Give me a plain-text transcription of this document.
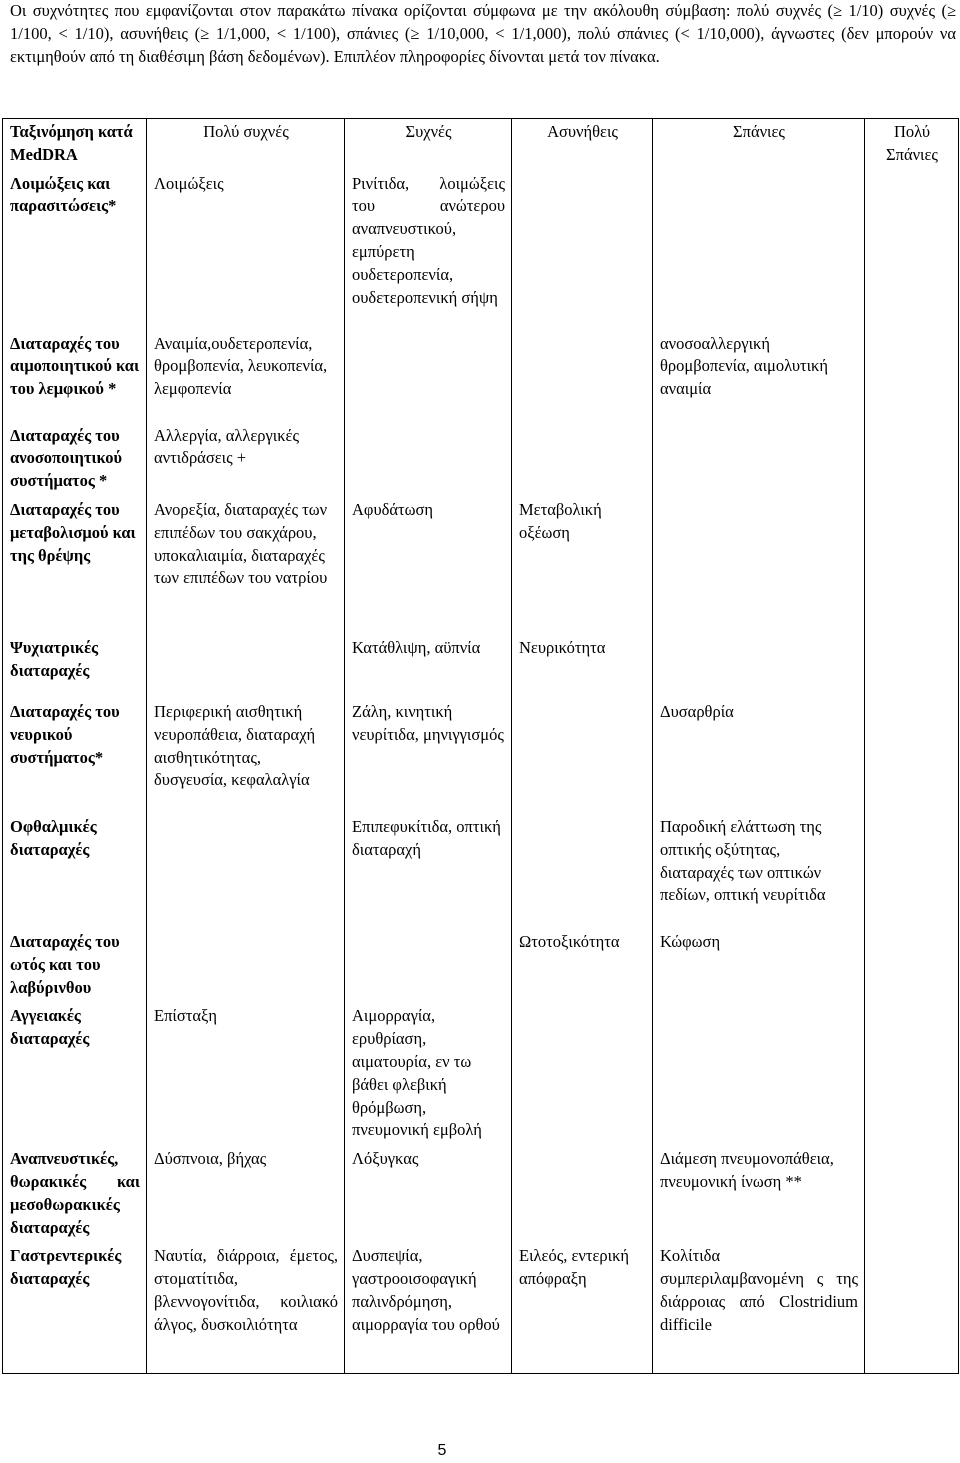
Οι συχνότητες που εμφανίζονται στον παρακάτω πίνακα ορίζονται σύμφωνα με την ακόλουθη σύμβαση: πολύ συχνές (≥ 1/10) συχνές (≥ 1/100, < 1/10), ασυνήθεις (≥ 1/1,000, < 1/100), σπάνιες (≥ 1/10,000, < 1/1,000), πολύ σπάνιες (< 1/10,000), άγνωστες (δεν μπορούν να εκτιμηθούν από τη διαθέσιμη βάση δεδομένων). Επιπλέον πληροφορίες δίνονται μετά τον πίνακα.

Ταξινόμηση κατά MedDRA	Πολύ συχνές	Συχνές	Ασυνήθεις	Σπάνιες	Πολύ Σπάνιες
Λοιμώξεις και παρασιτώσεις*	Λοιμώξεις	Ρινίτιδα, λοιμώξεις του ανώτερου αναπνευστικού, εμπύρετη ουδετεροπενία, ουδετεροπενική σήψη			
Διαταραχές του αιμοποιητικού και του λεμφικού *	Αναιμία,ουδετεροπενία, θρομβοπενία, λευκοπενία, λεμφοπενία			ανοσοαλλεργική θρομβοπενία, αιμολυτική αναιμία	
Διαταραχές του ανοσοποιητικού συστήματος *	Αλλεργία, αλλεργικές αντιδράσεις +				
Διαταραχές του μεταβολισμού και της θρέψης	Ανορεξία, διαταραχές των επιπέδων του σακχάρου, υποκαλιαιμία, διαταραχές των επιπέδων του νατρίου	Αφυδάτωση	Μεταβολική οξέωση		
Ψυχιατρικές διαταραχές		Κατάθλιψη, αϋπνία	Νευρικότητα		
Διαταραχές του νευρικού συστήματος*	Περιφερική αισθητική νευροπάθεια, διαταραχή αισθητικότητας, δυσγευσία, κεφαλαλγία	Ζάλη, κινητική νευρίτιδα, μηνιγγισμός		Δυσαρθρία	
Οφθαλμικές διαταραχές		Επιπεφυκίτιδα, οπτική διαταραχή		Παροδική ελάττωση της οπτικής οξύτητας, διαταραχές των οπτικών πεδίων, οπτική νευρίτιδα	
Διαταραχές του ωτός και του λαβύρινθου			Ωτοτοξικότητα	Κώφωση	
Αγγειακές διαταραχές	Επίσταξη	Αιμορραγία, ερυθρίαση, αιματουρία, εν τω βάθει φλεβική θρόμβωση, πνευμονική εμβολή			
Αναπνευστικές, θωρακικές και μεσοθωρακικές διαταραχές	Δύσπνοια, βήχας	Λόξυγκας		Διάμεση πνευμονοπάθεια, πνευμονική ίνωση **	
Γαστρεντερικές διαταραχές	Ναυτία, διάρροια, έμετος, στοματίτιδα, βλεννογονίτιδα, κοιλιακό άλγος, δυσκοιλιότητα	Δυσπεψία, γαστροοισοφαγική παλινδρόμηση, αιμορραγία του ορθού	Ειλεός, εντερική απόφραξη	Κολίτιδα συμπεριλαμβανομένη ς της διάρροιας από Clostridium difficile	
5
